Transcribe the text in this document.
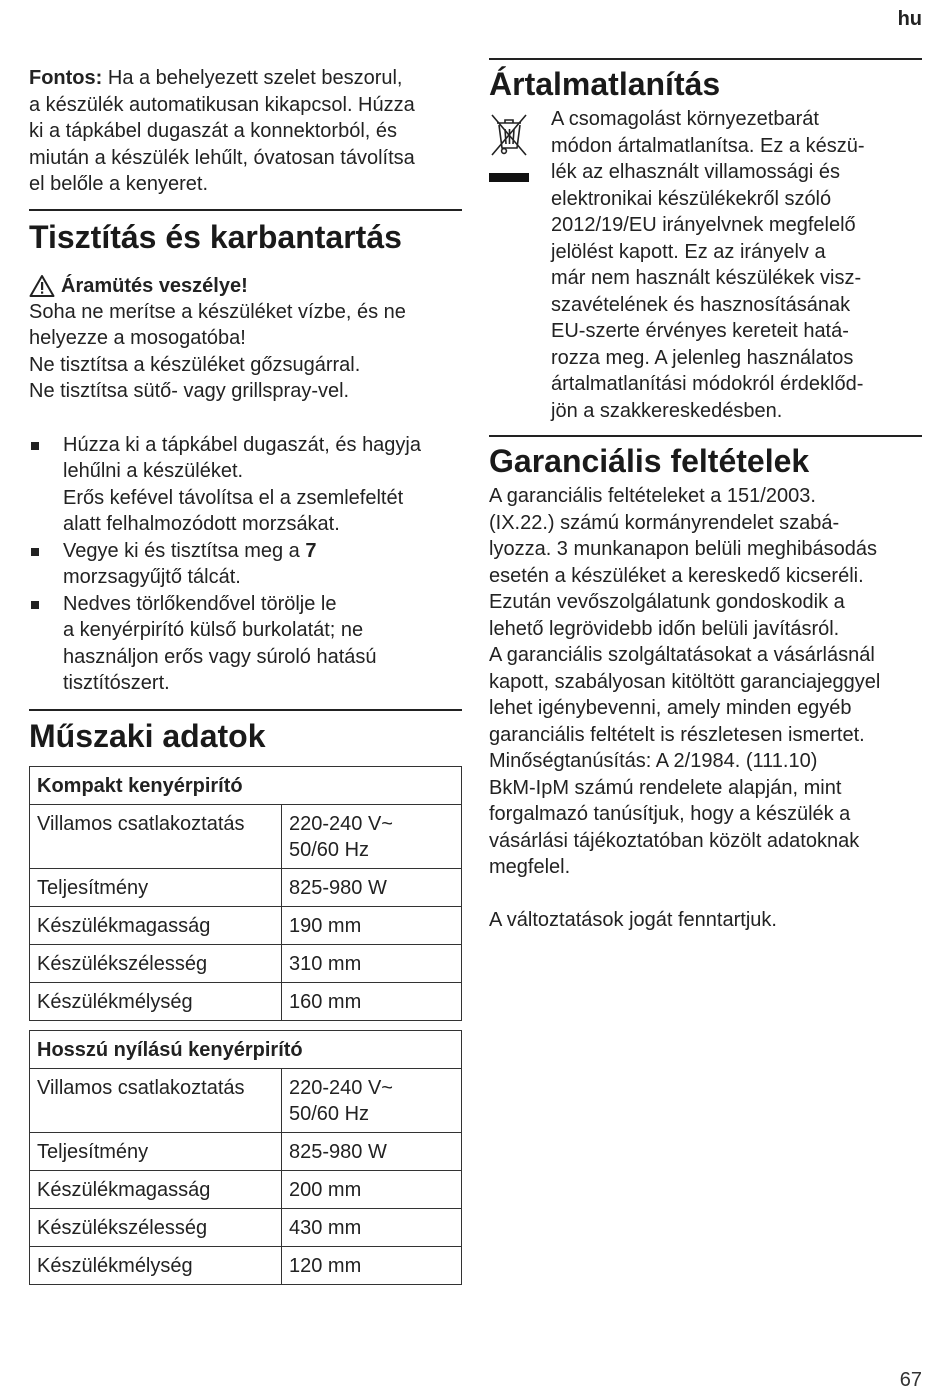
hu
Fontos: Ha a behelyezett szelet beszorul,
a készülék automatikusan kikapcsol. Húzza
ki a tápkábel dugaszát a konnektorból, és
miután a készülék lehűlt, óvatosan távolítsa
el belőle a kenyeret.
Tisztítás és karbantartás
Áramütés veszélye!
Soha ne merítse a készüléket vízbe, és ne
helyezze a mosogatóba!
Ne tisztítsa a készüléket gőzsugárral.
Ne tisztítsa sütő- vagy grillspray-vel.
Húzza ki a tápkábel dugaszát, és hagyja
lehűlni a készüléket.
Erős kefével távolítsa el a zsemlefeltét
alatt felhalmozódott morzsákat.
Vegye ki és tisztítsa meg a 7
morzsagyűjtő tálcát.
Nedves törlőkendővel törölje le
a kenyérpirító külső burkolatát; ne
használjon erős vagy súroló hatású
tisztítószert.
Műszaki adatok
Kompakt kenyérpirító	
Villamos csatlakoztatás	220-240 V~
50/60 Hz

Teljesítmény	825-980 W
Készülékmagasság	190 mm
Készülékszélesség	310 mm
Készülékmélység	160 mm
Hosszú nyílású kenyérpirító	
Villamos csatlakoztatás	220-240 V~
50/60 Hz

Teljesítmény	825-980 W
Készülékmagasság	200 mm
Készülékszélesség	430 mm
Készülékmélység	120 mm
Ártalmatlanítás
A csomagolást környezetbarát
módon ártalmatlanítsa. Ez a készü-
lék az elhasznált villamossági és
elektronikai készülékekről szóló
2012/19/EU irányelvnek megfelelő
jelölést kapott. Ez az irányelv a
már nem használt készülékek visz-
szavételének és hasznosításának
EU-szerte érvényes kereteit hatá-
rozza meg. A jelenleg használatos
ártalmatlanítási módokról érdeklőd-
jön a szakkereskedésben.
Garanciális feltételek
A garanciális feltételeket a 151/2003.
(IX.22.) számú kormányrendelet szabá-
lyozza. 3 munkanapon belüli meghibásodás
esetén a készüléket a kereskedő kicseréli.
Ezután vevőszolgálatunk gondoskodik a
lehető legrövidebb időn belüli javításról.
A garanciális szolgáltatásokat a vásárlásnál
kapott, szabályosan kitöltött garanciajeggyel
lehet igénybevenni, amely minden egyéb
garanciális feltételt is részletesen ismertet.
Minőségtanúsítás: A 2/1984. (111.10)
BkM-IpM számú rendelete alapján, mint
forgalmazó tanúsítjuk, hogy a készülék a
vásárlási tájékoztatóban közölt adatoknak
megfelel.
A változtatások jogát fenntartjuk.
67
